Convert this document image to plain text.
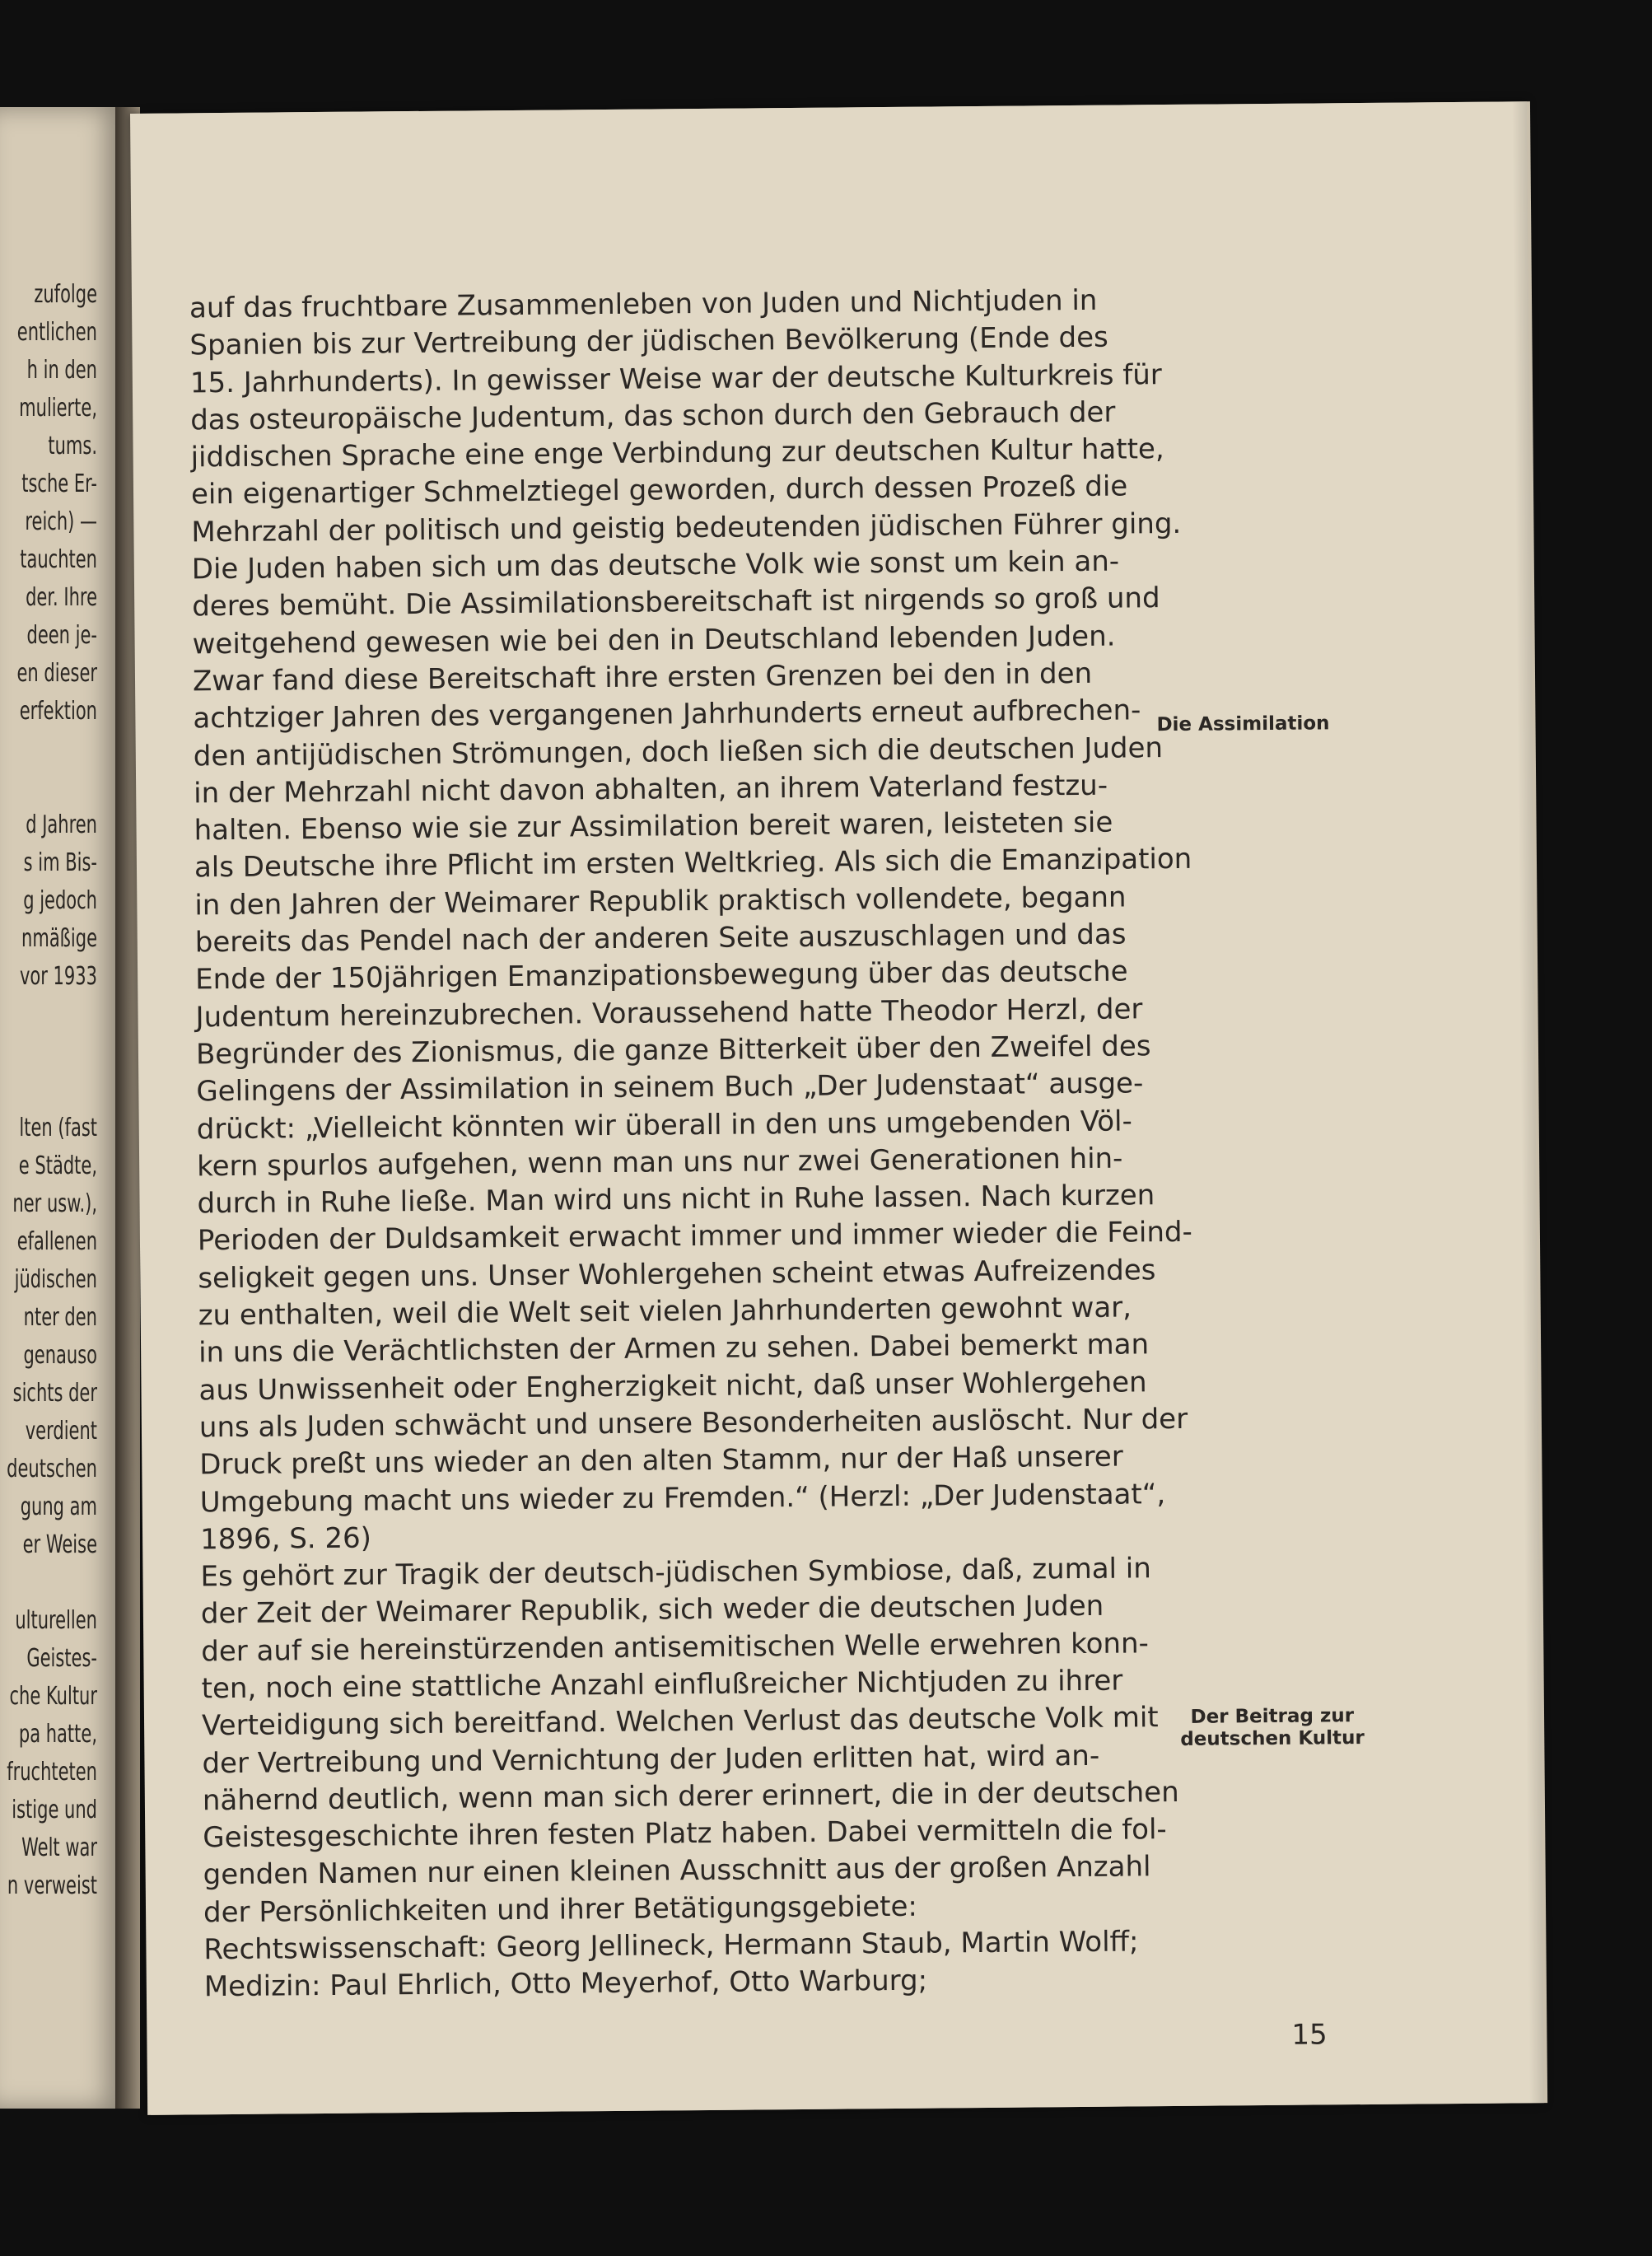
zufolge
entlichen
h in den
mulierte,
tums.
tsche Er-
reich) —
tauchten
der. Ihre
deen je-
en dieser
erfektion
d Jahren
s im Bis-
g jedoch
nmäßige
vor 1933
lten (fast
e Städte,
ner usw.),
efallenen
jüdischen
nter den
genauso
sichts der
verdient
deutschen
gung am
er Weise
ulturellen
Geistes-
che Kultur
pa hatte,
fruchteten
istige und
Welt war
n verweist
auf das fruchtbare Zusammenleben von Juden und Nichtjuden in
Spanien bis zur Vertreibung der jüdischen Bevölkerung (Ende des
15. Jahrhunderts). In gewisser Weise war der deutsche Kulturkreis für
das osteuropäische Judentum, das schon durch den Gebrauch der
jiddischen Sprache eine enge Verbindung zur deutschen Kultur hatte,
ein eigenartiger Schmelztiegel geworden, durch dessen Prozeß die
Mehrzahl der politisch und geistig bedeutenden jüdischen Führer ging.
Die Juden haben sich um das deutsche Volk wie sonst um kein an-
deres bemüht. Die Assimilationsbereitschaft ist nirgends so groß und
weitgehend gewesen wie bei den in Deutschland lebenden Juden.
Zwar fand diese Bereitschaft ihre ersten Grenzen bei den in den
achtziger Jahren des vergangenen Jahrhunderts erneut aufbrechen-
den antijüdischen Strömungen, doch ließen sich die deutschen Juden
in der Mehrzahl nicht davon abhalten, an ihrem Vaterland festzu-
halten. Ebenso wie sie zur Assimilation bereit waren, leisteten sie
als Deutsche ihre Pflicht im ersten Weltkrieg. Als sich die Emanzipation
in den Jahren der Weimarer Republik praktisch vollendete, begann
bereits das Pendel nach der anderen Seite auszuschlagen und das
Ende der 150jährigen Emanzipationsbewegung über das deutsche
Judentum hereinzubrechen. Voraussehend hatte Theodor Herzl, der
Begründer des Zionismus, die ganze Bitterkeit über den Zweifel des
Gelingens der Assimilation in seinem Buch „Der Judenstaat“ ausge-
drückt: „Vielleicht könnten wir überall in den uns umgebenden Völ-
kern spurlos aufgehen, wenn man uns nur zwei Generationen hin-
durch in Ruhe ließe. Man wird uns nicht in Ruhe lassen. Nach kurzen
Perioden der Duldsamkeit erwacht immer und immer wieder die Feind-
seligkeit gegen uns. Unser Wohlergehen scheint etwas Aufreizendes
zu enthalten, weil die Welt seit vielen Jahrhunderten gewohnt war,
in uns die Verächtlichsten der Armen zu sehen. Dabei bemerkt man
aus Unwissenheit oder Engherzigkeit nicht, daß unser Wohlergehen
uns als Juden schwächt und unsere Besonderheiten auslöscht. Nur der
Druck preßt uns wieder an den alten Stamm, nur der Haß unserer
Umgebung macht uns wieder zu Fremden.“ (Herzl: „Der Judenstaat“,
1896, S. 26)
Es gehört zur Tragik der deutsch-jüdischen Symbiose, daß, zumal in
der Zeit der Weimarer Republik, sich weder die deutschen Juden
der auf sie hereinstürzenden antisemitischen Welle erwehren konn-
ten, noch eine stattliche Anzahl einflußreicher Nichtjuden zu ihrer
Verteidigung sich bereitfand. Welchen Verlust das deutsche Volk mit
der Vertreibung und Vernichtung der Juden erlitten hat, wird an-
nähernd deutlich, wenn man sich derer erinnert, die in der deutschen
Geistesgeschichte ihren festen Platz haben. Dabei vermitteln die fol-
genden Namen nur einen kleinen Ausschnitt aus der großen Anzahl
der Persönlichkeiten und ihrer Betätigungsgebiete:
Rechtswissenschaft: Georg Jellineck, Hermann Staub, Martin Wolff;
Medizin: Paul Ehrlich, Otto Meyerhof, Otto Warburg;
Die Assimilation
Der Beitrag zur
deutschen Kultur
15
